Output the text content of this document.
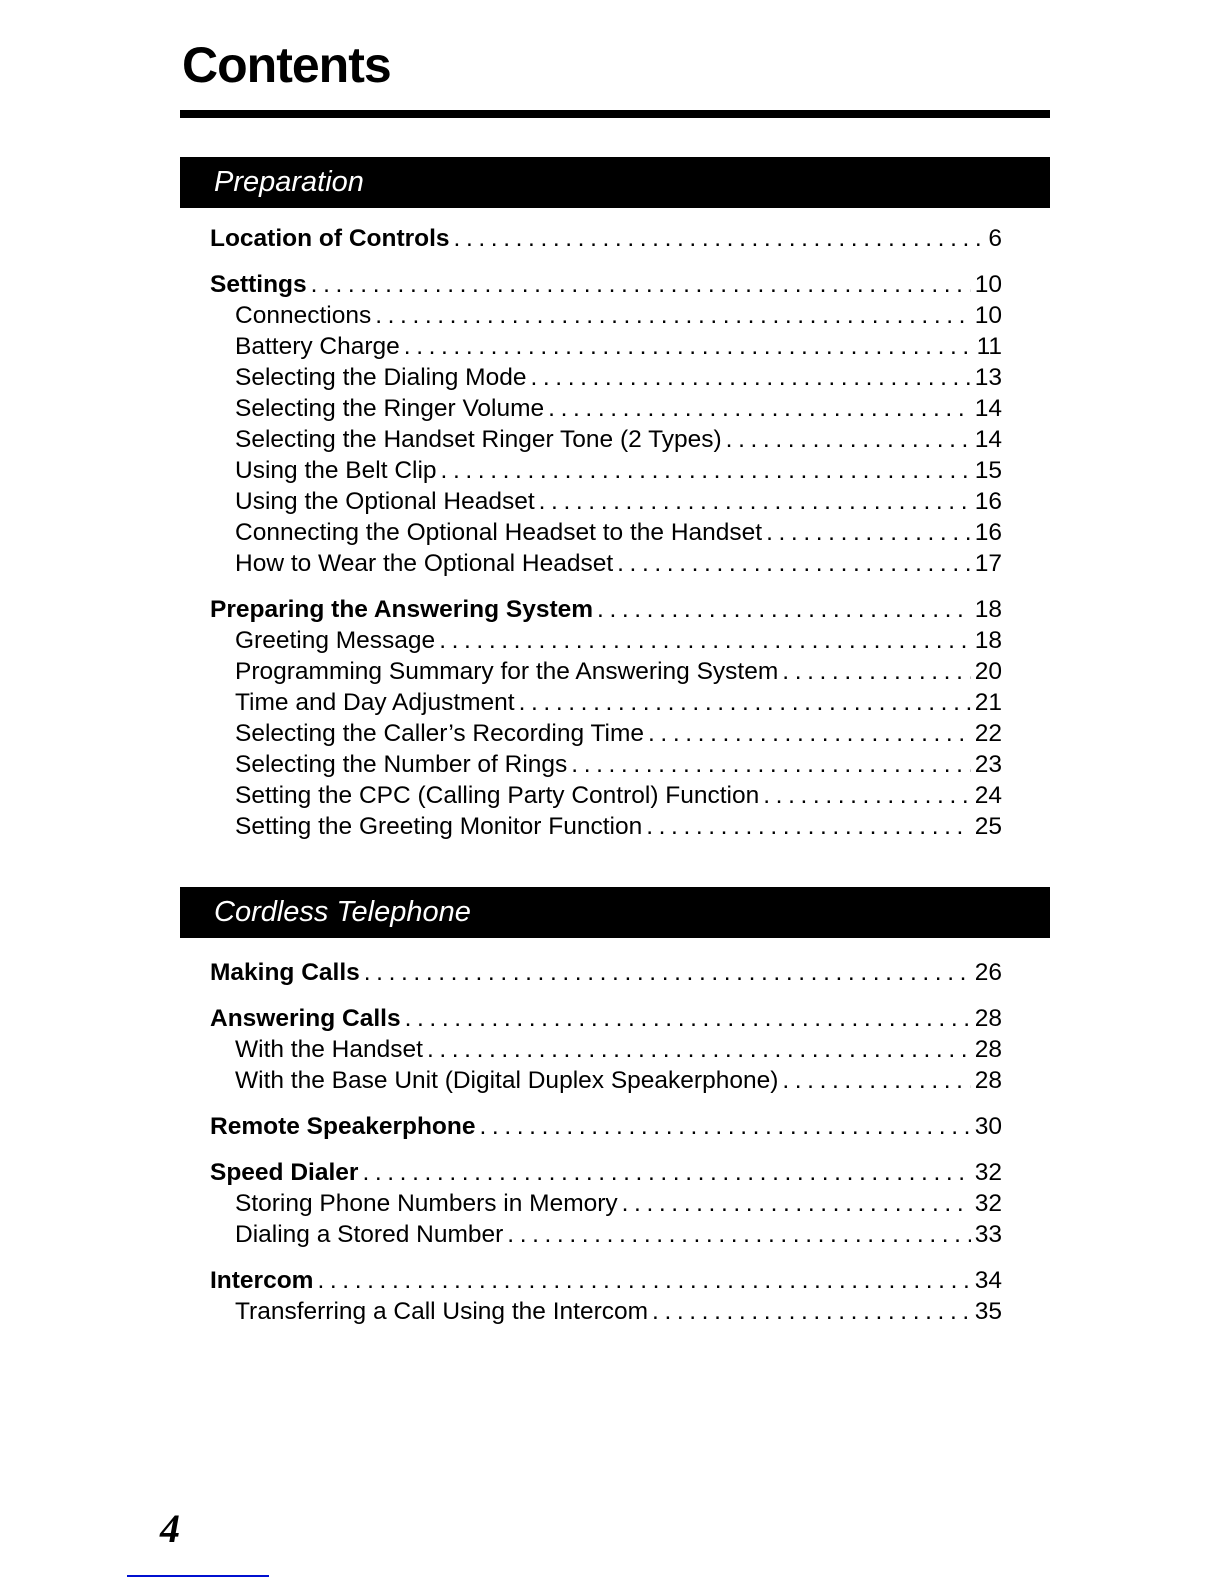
Contents
Preparation
Location of Controls . . .	6
Settings . . .	10
Connections . . .	10
Battery Charge . . .	11
Selecting the Dialing Mode . . .	13
Selecting the Ringer Volume . . .	14
Selecting the Handset Ringer Tone (2 Types) . . .	14
Using the Belt Clip . . .	15
Using the Optional Headset . . .	16
Connecting the Optional Headset to the Handset . . .	16
How to Wear the Optional Headset . . .	17
Preparing the Answering System . . .	18
Greeting Message . . .	18
Programming Summary for the Answering System . . .	20
Time and Day Adjustment . . .	21
Selecting the Caller’s Recording Time . . .	22
Selecting the Number of Rings . . .	23
Setting the CPC (Calling Party Control) Function . . .	24
Setting the Greeting Monitor Function . . .	25
Cordless Telephone
Making Calls . . .	26
Answering Calls . . .	28
With the Handset . . .	28
With the Base Unit (Digital Duplex Speakerphone) . . .	28
Remote Speakerphone . . .	30
Speed Dialer . . .	32
Storing Phone Numbers in Memory . . .	32
Dialing a Stored Number . . .	33
Intercom . . .	34
Transferring a Call Using the Intercom . . .	35
4
